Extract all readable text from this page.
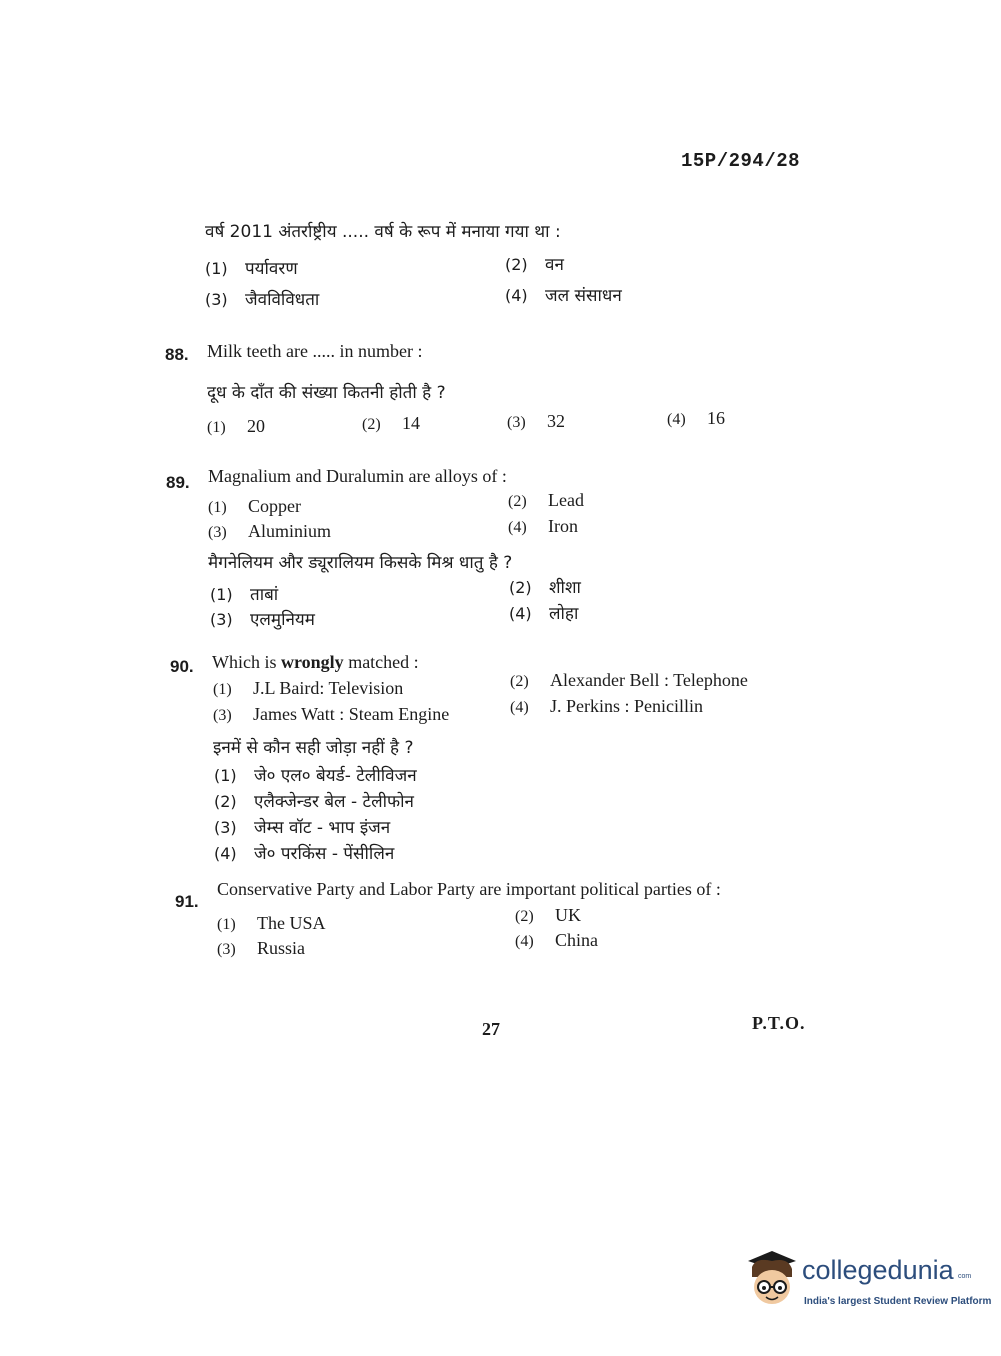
15P/294/28
वर्ष 2011 अंतर्राष्ट्रीय ..... वर्ष के रूप में मनाया गया था :
(1) पर्यावरण	(2) वन
(3) जैवविविधता	(4) जल संसाधन
88. Milk teeth are ..... in number :
दूध के दाँत की संख्या कितनी होती है ?
(1) 20	(2) 14	(3) 32	(4) 16
89. Magnalium and Duralumin are alloys of :
(1) Copper	(2) Lead
(3) Aluminium	(4) Iron
मैगनेलियम और ड्यूरालियम किसके मिश्र धातु है ?
(1) ताबां	(2) शीशा
(3) एलमुनियम	(4) लोहा
90. Which is wrongly matched :
(1) J.L Baird: Television	(2) Alexander Bell : Telephone
(3) James Watt : Steam Engine	(4) J. Perkins : Penicillin
इनमें से कौन सही जोड़ा नहीं है ?
(1) जे० एल० बेयर्ड- टेलीविजन
(2) एलैक्जेन्डर बेल - टेलीफोन
(3) जेम्स वॉट - भाप इंजन
(4) जे० परकिंस - पेंसीलिन
91.
Conservative Party and Labor Party are important political parties of :
(1) The USA	(2) UK
(3) Russia	(4) China
27	P.T.O.
collegedunia com
India's largest Student Review Platform
